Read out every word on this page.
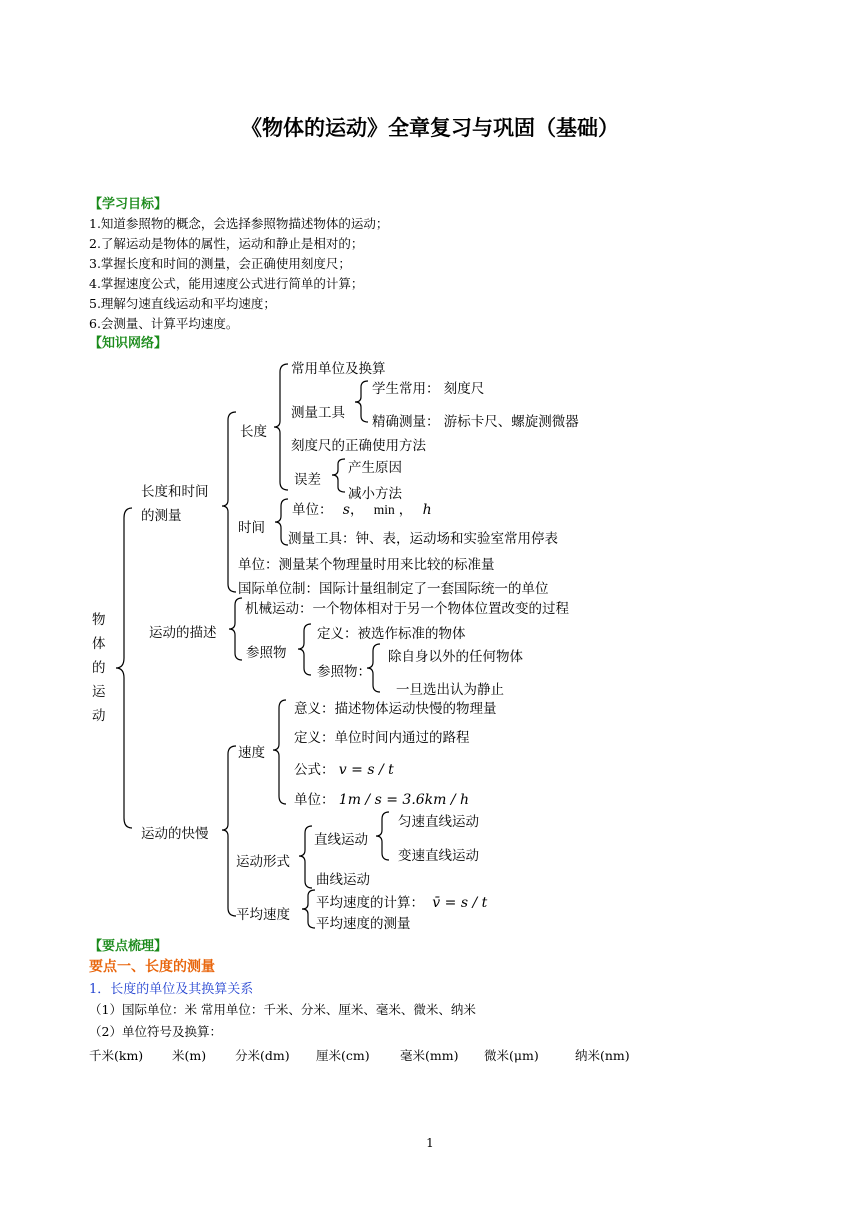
《物体的运动》全章复习与巩固（基础）
【学习目标】
1.知道参照物的概念，会选择参照物描述物体的运动；
2.了解运动是物体的属性，运动和静止是相对的；
3.掌握长度和时间的测量，会正确使用刻度尺；
4.掌握速度公式，能用速度公式进行简单的计算；
5.理解匀速直线运动和平均速度；
6.会测量、计算平均速度。
【知识网络】
物
体
的
运
动
长度和时间
的测量
长度
常用单位及换算
测量工具
学生常用： 刻度尺
精确测量： 游标卡尺、螺旋测微器
刻度尺的正确使用方法
误差
产生原因
减小方法
时间
单位： s， min ， h
测量工具：钟、表，运动场和实验室常用停表
单位：测量某个物理量时用来比较的标准量
国际单位制：国际计量组制定了一套国际统一的单位
运动的描述
机械运动：一个物体相对于另一个物体位置改变的过程
参照物
定义：被选作标准的物体
参照物：
除自身以外的任何物体
一旦选出认为静止
运动的快慢
速度
意义：描述物体运动快慢的物理量
定义：单位时间内通过的路程
公式： v = s / t
单位： 1m / s = 3.6km / h
运动形式
直线运动
匀速直线运动
变速直线运动
曲线运动
平均速度
平均速度的计算： v̄ = s / t
平均速度的测量
【要点梳理】
要点一、长度的测量
1．长度的单位及其换算关系
（1）国际单位：米 常用单位：千米、分米、厘米、毫米、微米、纳米
（2）单位符号及换算：
千米(km) 米(m) 分米(dm) 厘米(cm) 毫米(mm) 微米(μm)	纳米(nm)
1
